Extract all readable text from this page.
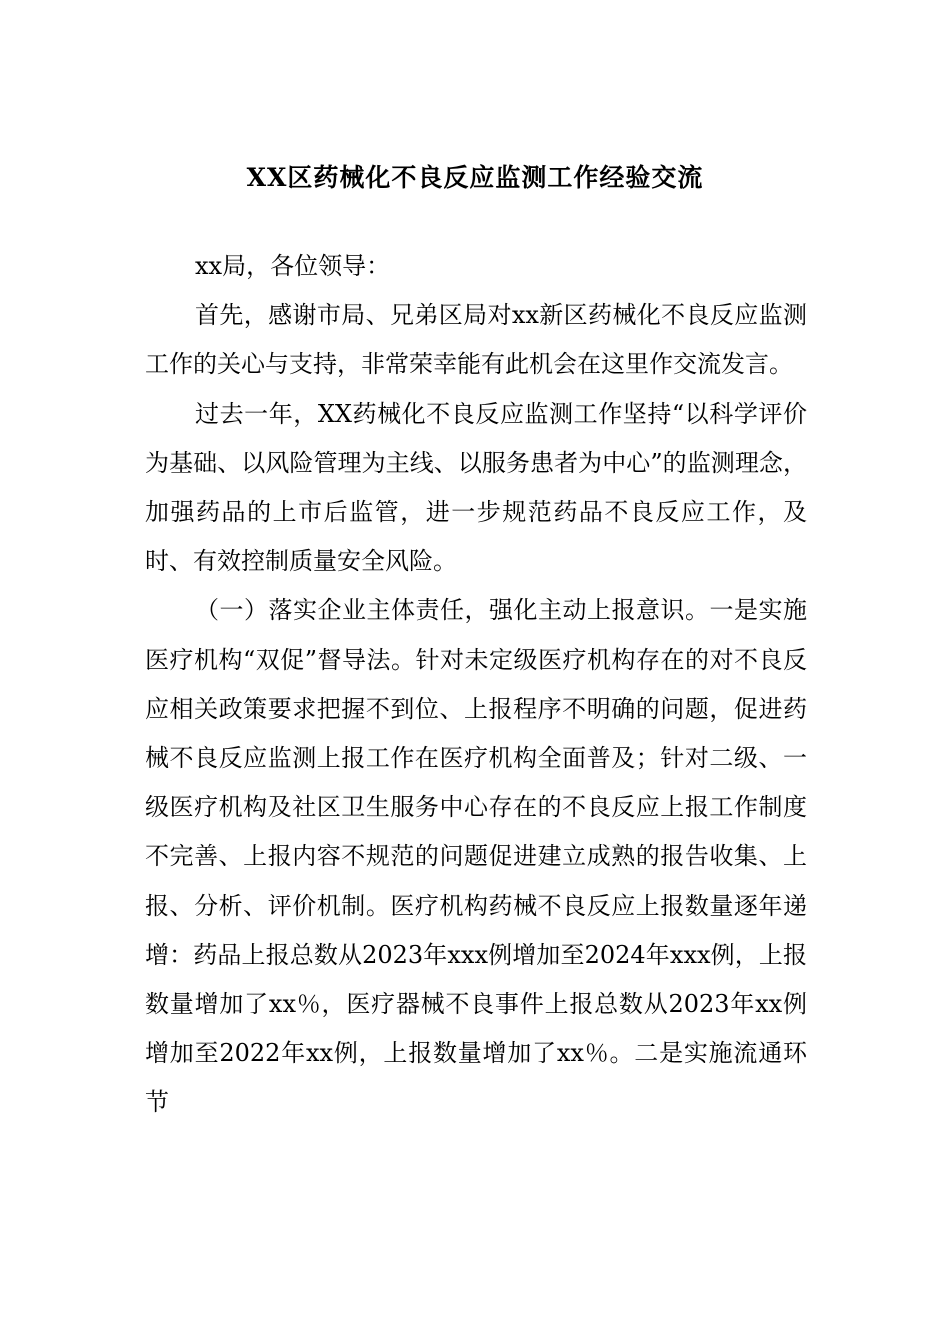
XX区药械化不良反应监测工作经验交流

xx局，各位领导：

首先，感谢市局、兄弟区局对xx新区药械化不良反应监测工作的关心与支持，非常荣幸能有此机会在这里作交流发言。

过去一年，XX药械化不良反应监测工作坚持“以科学评价为基础、以风险管理为主线、以服务患者为中心”的监测理念，加强药品的上市后监管，进一步规范药品不良反应工作，及时、有效控制质量安全风险。

（一）落实企业主体责任，强化主动上报意识。一是实施医疗机构“双促”督导法。针对未定级医疗机构存在的对不良反应相关政策要求把握不到位、上报程序不明确的问题，促进药械不良反应监测上报工作在医疗机构全面普及；针对二级、一级医疗机构及社区卫生服务中心存在的不良反应上报工作制度不完善、上报内容不规范的问题促进建立成熟的报告收集、上报、分析、评价机制。医疗机构药械不良反应上报数量逐年递增：药品上报总数从2023年xxx例增加至2024年xxx例，上报数量增加了xx％，医疗器械不良事件上报总数从2023年xx例增加至2022年xx例，上报数量增加了xx％。二是实施流通环节
